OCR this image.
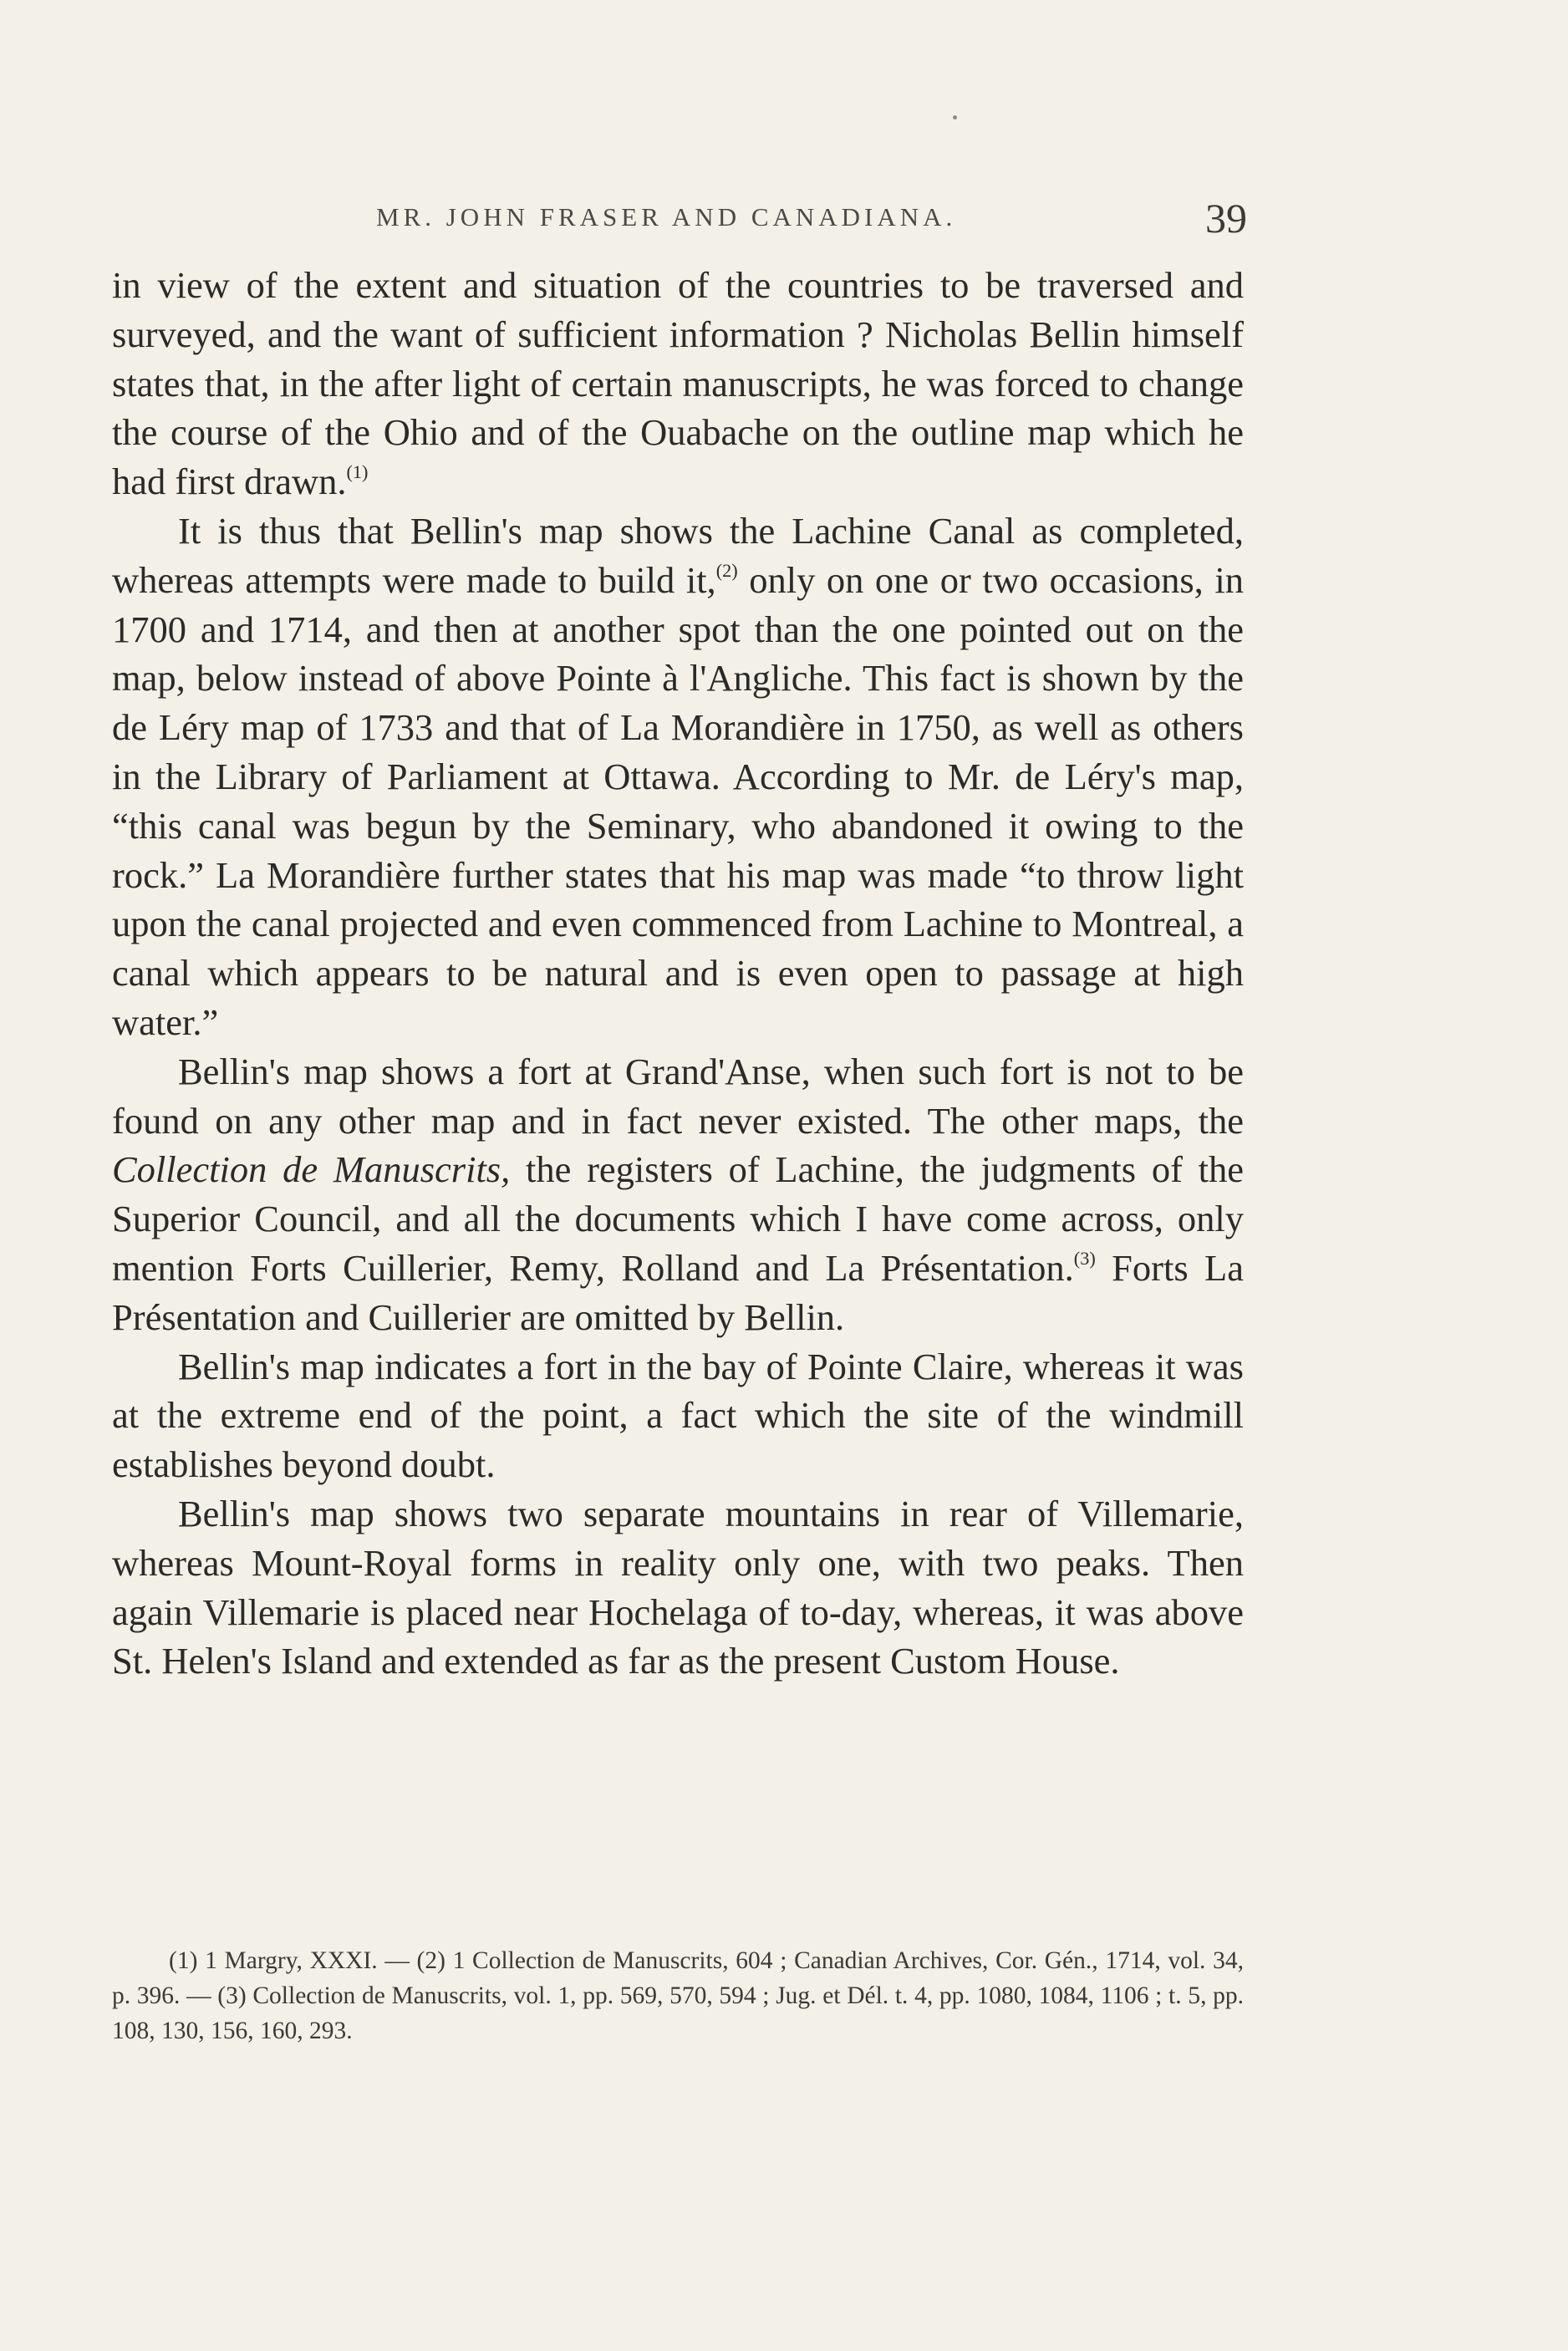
MR. JOHN FRASER AND CANADIANA.	39

in view of the extent and situation of the countries to be traversed and surveyed, and the want of sufficient information ? Nicholas Bellin himself states that, in the after light of certain manuscripts, he was forced to change the course of the Ohio and of the Ouabache on the outline map which he had first drawn.$^{(1)}$

It is thus that Bellin's map shows the Lachine Canal as completed, whereas attempts were made to build it,$^{(2)}$ only on one or two occasions, in 1700 and 1714, and then at another spot than the one pointed out on the map, below instead of above Pointe à l'Angliche. This fact is shown by the de Léry map of 1733 and that of La Morandière in 1750, as well as others in the Library of Parliament at Ottawa. According to Mr. de Léry's map, “this canal was begun by the Seminary, who abandoned it owing to the rock.” La Morandière further states that his map was made “to throw light upon the canal projected and even commenced from Lachine to Montreal, a canal which appears to be natural and is even open to passage at high water.”

Bellin's map shows a fort at Grand'Anse, when such fort is not to be found on any other map and in fact never existed. The other maps, the Collection de Manuscrits, the registers of Lachine, the judgments of the Superior Council, and all the documents which I have come across, only mention Forts Cuillerier, Remy, Rolland and La Présentation.$^{(3)}$ Forts La Présentation and Cuillerier are omitted by Bellin.

Bellin's map indicates a fort in the bay of Pointe Claire, whereas it was at the extreme end of the point, a fact which the site of the windmill establishes beyond doubt.

Bellin's map shows two separate mountains in rear of Villemarie, whereas Mount-Royal forms in reality only one, with two peaks. Then again Villemarie is placed near Hochelaga of to-day, whereas, it was above St. Helen's Island and extended as far as the present Custom House.

(1) 1 Margry, XXXI. — (2) 1 Collection de Manuscrits, 604 ; Canadian Archives, Cor. Gén., 1714, vol. 34, p. 396. — (3) Collection de Manuscrits, vol. 1, pp. 569, 570, 594 ; Jug. et Dél. t. 4, pp. 1080, 1084, 1106 ; t. 5, pp. 108, 130, 156, 160, 293.
